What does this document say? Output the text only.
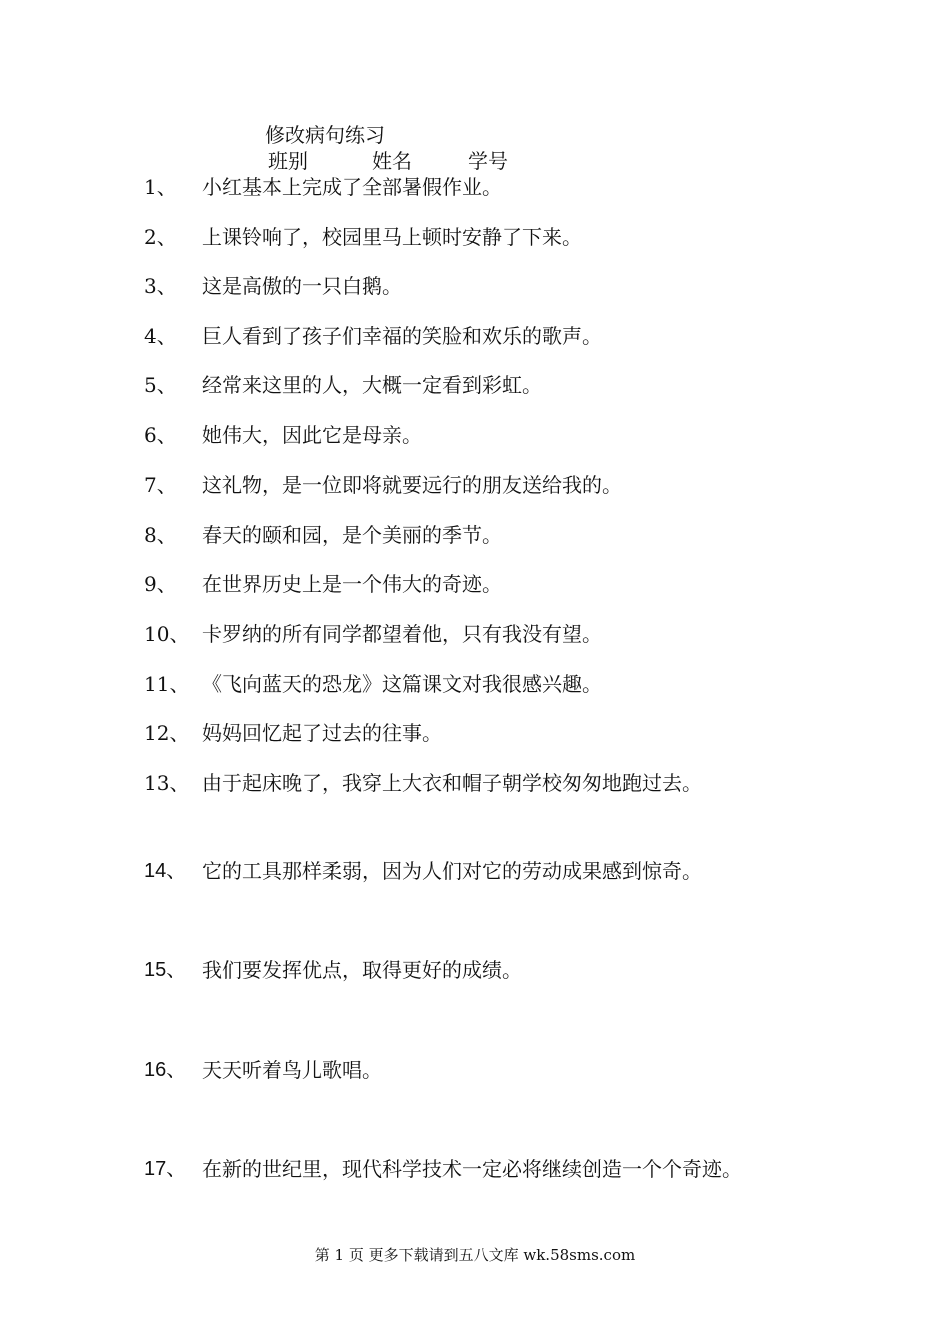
修改病句练习
班别	姓名	学号
1、 小红基本上完成了全部暑假作业。
2、 上课铃响了，校园里马上顿时安静了下来。
3、 这是高傲的一只白鹅。
4、 巨人看到了孩子们幸福的笑脸和欢乐的歌声。
5、 经常来这里的人，大概一定看到彩虹。
6、 她伟大，因此它是母亲。
7、 这礼物，是一位即将就要远行的朋友送给我的。
8、 春天的颐和园，是个美丽的季节。
9、 在世界历史上是一个伟大的奇迹。
10、 卡罗纳的所有同学都望着他，只有我没有望。
11、 《飞向蓝天的恐龙》这篇课文对我很感兴趣。
12、 妈妈回忆起了过去的往事。
13、 由于起床晚了，我穿上大衣和帽子朝学校匆匆地跑过去。
14、 它的工具那样柔弱，因为人们对它的劳动成果感到惊奇。
15、 我们要发挥优点，取得更好的成绩。
16、 天天听着鸟儿歌唱。
17、 在新的世纪里，现代科学技术一定必将继续创造一个个奇迹。
第 1 页 更多下载请到五八文库 wk.58sms.com
